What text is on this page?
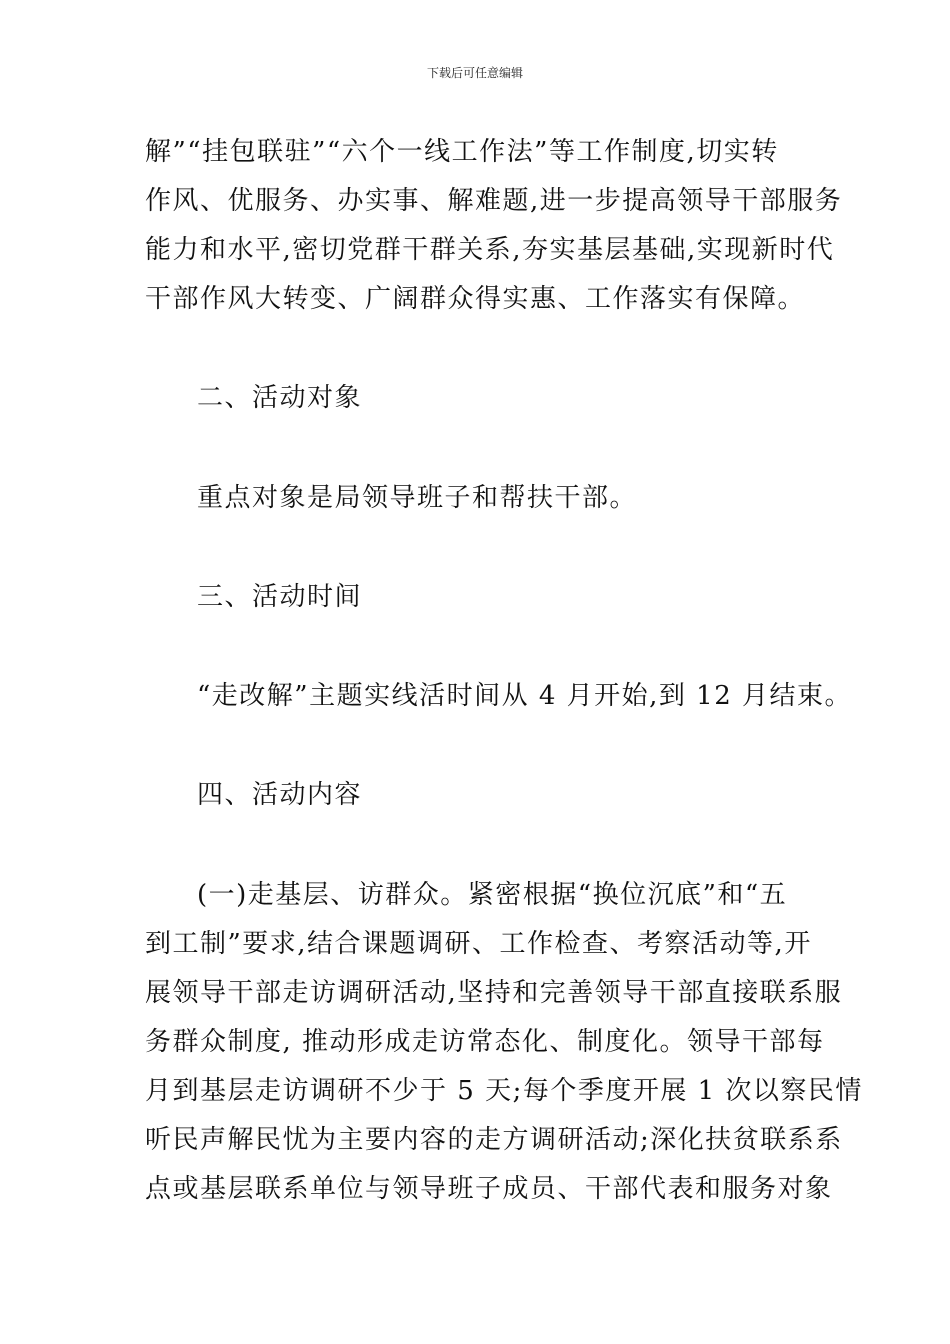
下载后可任意编辑
解”“挂包联驻”“六个一线工作法”等工作制度,切实转
作风、优服务、办实事、解难题,进一步提高领导干部服务
能力和水平,密切党群干群关系,夯实基层基础,实现新时代
干部作风大转变、广阔群众得实惠、工作落实有保障。
二、活动对象
重点对象是局领导班子和帮扶干部。
三、活动时间
“走改解”主题实线活时间从 4 月开始,到 12 月结束。
四、活动内容
(一)走基层、访群众。紧密根据“换位沉底”和“五
到工制”要求,结合课题调研、工作检查、考察活动等,开
展领导干部走访调研活动,坚持和完善领导干部直接联系服
务群众制度, 推动形成走访常态化、制度化。领导干部每
月到基层走访调研不少于 5 天;每个季度开展 1 次以察民情
听民声解民忧为主要内容的走方调研活动;深化扶贫联系系
点或基层联系单位与领导班子成员、干部代表和服务对象
